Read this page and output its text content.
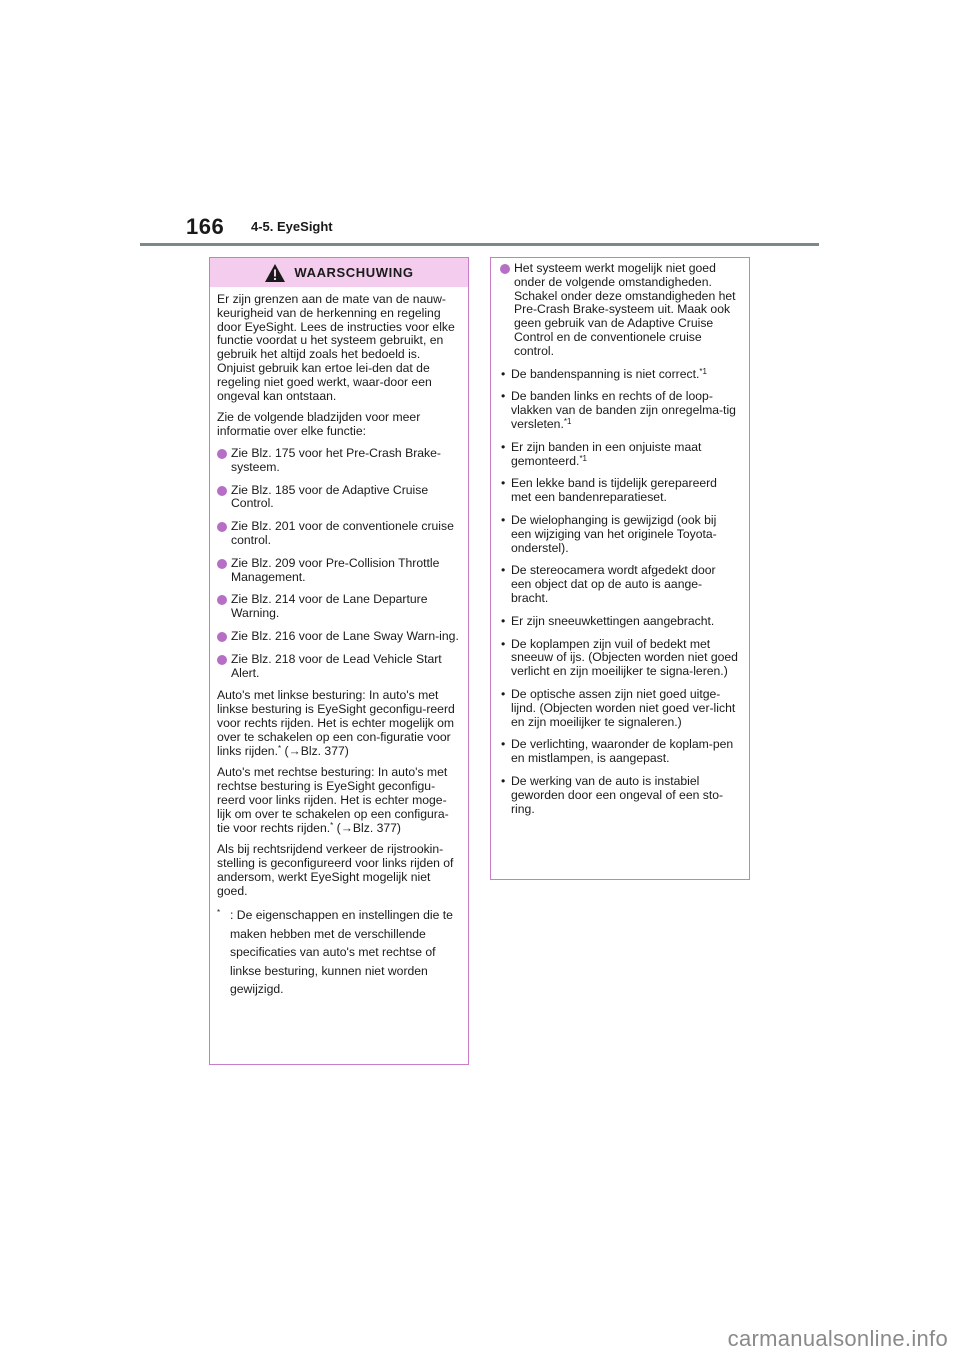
166 4-5. EyeSight
WAARSCHUWING

Er zijn grenzen aan de mate van de nauw-keurigheid van de herkenning en regeling door EyeSight. Lees de instructies voor elke functie voordat u het systeem gebruikt, en gebruik het altijd zoals het bedoeld is. Onjuist gebruik kan ertoe lei-den dat de regeling niet goed werkt, waar-door een ongeval kan ontstaan.

Zie de volgende bladzijden voor meer informatie over elke functie:

Zie Blz. 175 voor het Pre-Crash Brake-systeem.
Zie Blz. 185 voor de Adaptive Cruise Control.
Zie Blz. 201 voor de conventionele cruise control.
Zie Blz. 209 voor Pre-Collision Throttle Management.
Zie Blz. 214 voor de Lane Departure Warning.
Zie Blz. 216 voor de Lane Sway Warn-ing.
Zie Blz. 218 voor de Lead Vehicle Start Alert.

Auto's met linkse besturing: In auto's met linkse besturing is EyeSight geconfigu-reerd voor rechts rijden. Het is echter mogelijk om over te schakelen op een con-figuratie voor links rijden.* (→Blz. 377)

Auto's met rechtse besturing: In auto's met rechtse besturing is EyeSight geconfigu-reerd voor links rijden. Het is echter moge-lijk om over te schakelen op een configura-tie voor rechts rijden.* (→Blz. 377)

Als bij rechtsrijdend verkeer de rijstrookin-stelling is geconfigureerd voor links rijden of andersom, werkt EyeSight mogelijk niet goed.

* : De eigenschappen en instellingen die te maken hebben met de verschillende specificaties van auto's met rechtse of linkse besturing, kunnen niet worden gewijzigd.
Het systeem werkt mogelijk niet goed onder de volgende omstandigheden. Schakel onder deze omstandigheden het Pre-Crash Brake-systeem uit. Maak ook geen gebruik van de Adaptive Cruise Control en de conventionele cruise control.
• De bandenspanning is niet correct.$^{*1}$
• De banden links en rechts of de loop-vlakken van de banden zijn onregelma-tig versleten.$^{*1}$
• Er zijn banden in een onjuiste maat gemonteerd.$^{*1}$
• Een lekke band is tijdelijk gerepareerd met een bandenreparatieset.
• De wielophanging is gewijzigd (ook bij een wijziging van het originele Toyota-onderstel).
• De stereocamera wordt afgedekt door een object dat op de auto is aange-bracht.
• Er zijn sneeuwkettingen aangebracht.
• De koplampen zijn vuil of bedekt met sneeuw of ijs. (Objecten worden niet goed verlicht en zijn moeilijker te signa-leren.)
• De optische assen zijn niet goed uitge-lijnd. (Objecten worden niet goed ver-licht en zijn moeilijker te signaleren.)
• De verlichting, waaronder de koplam-pen en mistlampen, is aangepast.
• De werking van de auto is instabiel geworden door een ongeval of een sto-ring.
carmanualsonline.info
